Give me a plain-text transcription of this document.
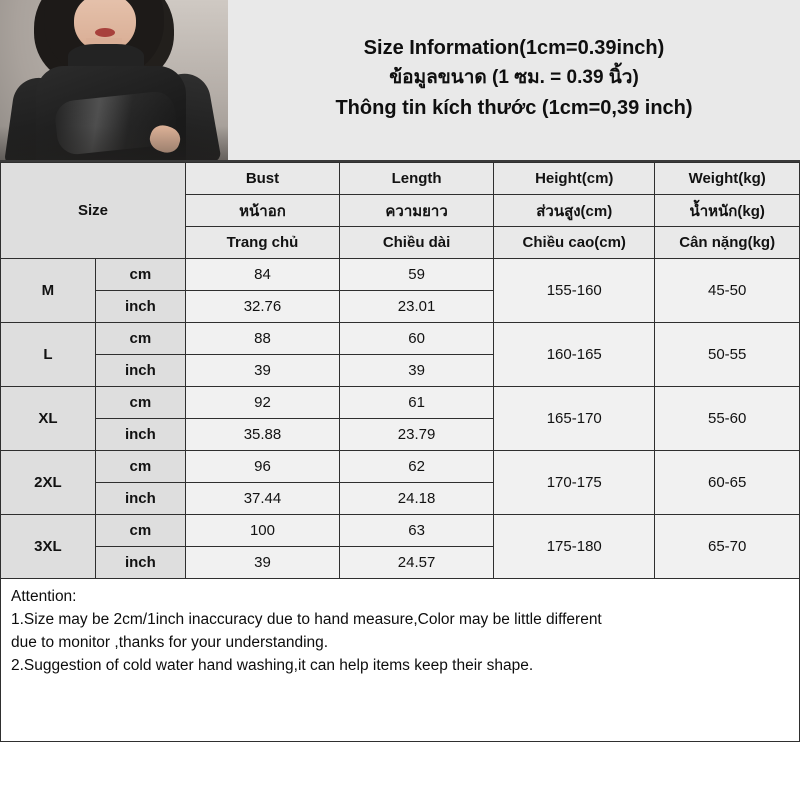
Size Information(1cm=0.39inch)
ข้อมูลขนาด (1 ซม. = 0.39 นิ้ว)
Thông tin kích thước (1cm=0,39 inch)
Size		Bust	Length	Height(cm)	Weight(kg)
		หน้าอก	ความยาว	ส่วนสูง(cm)	น้ำหนัก(kg)
		Trang chủ	Chiều dài	Chiều cao(cm)	Cân nặng(kg)
M	cm	84	59	155-160	45-50
	inch	32.76	23.01		
L	cm	88	60	160-165	50-55
	inch	39	39		
XL	cm	92	61	165-170	55-60
	inch	35.88	23.79		
2XL	cm	96	62	170-175	60-65
	inch	37.44	24.18		
3XL	cm	100	63	175-180	65-70
	inch	39	24.57		
Attention:
1.Size may be 2cm/1inch inaccuracy due to hand measure,Color may be little different
due to monitor ,thanks for your understanding.
2.Suggestion of cold water hand washing,it can help items keep their shape.
